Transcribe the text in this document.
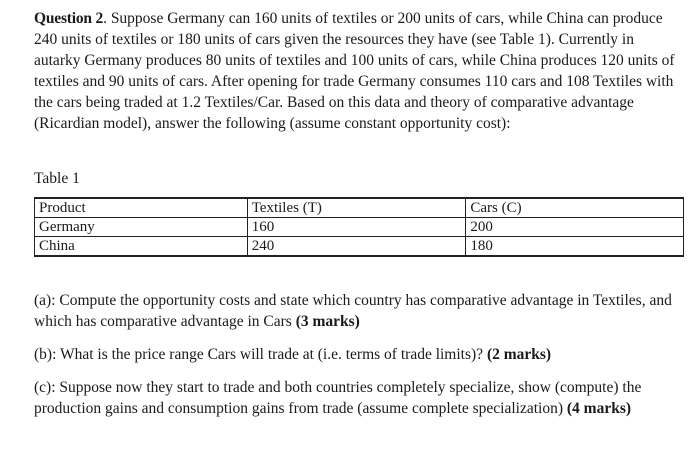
Question 2. Suppose Germany can 160 units of textiles or 200 units of cars, while China can produce 240 units of textiles or 180 units of cars given the resources they have (see Table 1). Currently in autarky Germany produces 80 units of textiles and 100 units of cars, while China produces 120 units of textiles and 90 units of cars. After opening for trade Germany consumes 110 cars and 108 Textiles with the cars being traded at 1.2 Textiles/Car. Based on this data and theory of comparative advantage (Ricardian model), answer the following (assume constant opportunity cost):

Table 1
Product	Textiles (T)	Cars (C)
Germany	160	200
China	240	180

(a): Compute the opportunity costs and state which country has comparative advantage in Textiles, and which has comparative advantage in Cars (3 marks)

(b): What is the price range Cars will trade at (i.e. terms of trade limits)? (2 marks)

(c): Suppose now they start to trade and both countries completely specialize, show (compute) the production gains and consumption gains from trade (assume complete specialization) (4 marks)
